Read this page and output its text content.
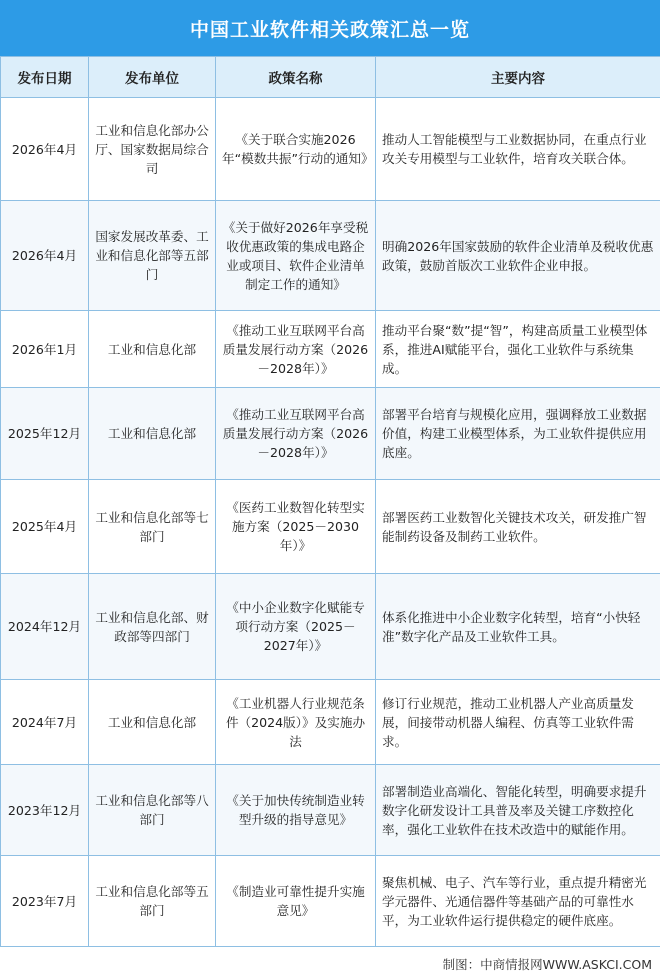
中国工业软件相关政策汇总一览
发布日期	发布单位	政策名称	主要内容
2026年4月	工业和信息化部办公厅、国家数据局综合司	《关于联合实施2026年“模数共振”行动的通知》	推动人工智能模型与工业数据协同，在重点行业攻关专用模型与工业软件，培育攻关联合体。
2026年4月	国家发展改革委、工业和信息化部等五部门	《关于做好2026年享受税收优惠政策的集成电路企业或项目、软件企业清单制定工作的通知》	明确2026年国家鼓励的软件企业清单及税收优惠政策，鼓励首版次工业软件企业申报。
2026年1月	工业和信息化部	《推动工业互联网平台高质量发展行动方案（2026－2028年）》	推动平台聚“数”提“智”，构建高质量工业模型体系，推进AI赋能平台，强化工业软件与系统集成。
2025年12月	工业和信息化部	《推动工业互联网平台高质量发展行动方案（2026－2028年）》	部署平台培育与规模化应用，强调释放工业数据价值，构建工业模型体系，为工业软件提供应用底座。
2025年4月	工业和信息化部等七部门	《医药工业数智化转型实施方案（2025－2030年）》	部署医药工业数智化关键技术攻关，研发推广智能制药设备及制药工业软件。
2024年12月	工业和信息化部、财政部等四部门	《中小企业数字化赋能专项行动方案（2025－2027年）》	体系化推进中小企业数字化转型，培育“小快轻准”数字化产品及工业软件工具。
2024年7月	工业和信息化部	《工业机器人行业规范条件（2024版）》及实施办法	修订行业规范，推动工业机器人产业高质量发展，间接带动机器人编程、仿真等工业软件需求。
2023年12月	工业和信息化部等八部门	《关于加快传统制造业转型升级的指导意见》	部署制造业高端化、智能化转型，明确要求提升数字化研发设计工具普及率及关键工序数控化率，强化工业软件在技术改造中的赋能作用。
2023年7月	工业和信息化部等五部门	《制造业可靠性提升实施意见》	聚焦机械、电子、汽车等行业，重点提升精密光学元器件、光通信器件等基础产品的可靠性水平，为工业软件运行提供稳定的硬件底座。
制图：中商情报网WWW.ASKCI.COM
